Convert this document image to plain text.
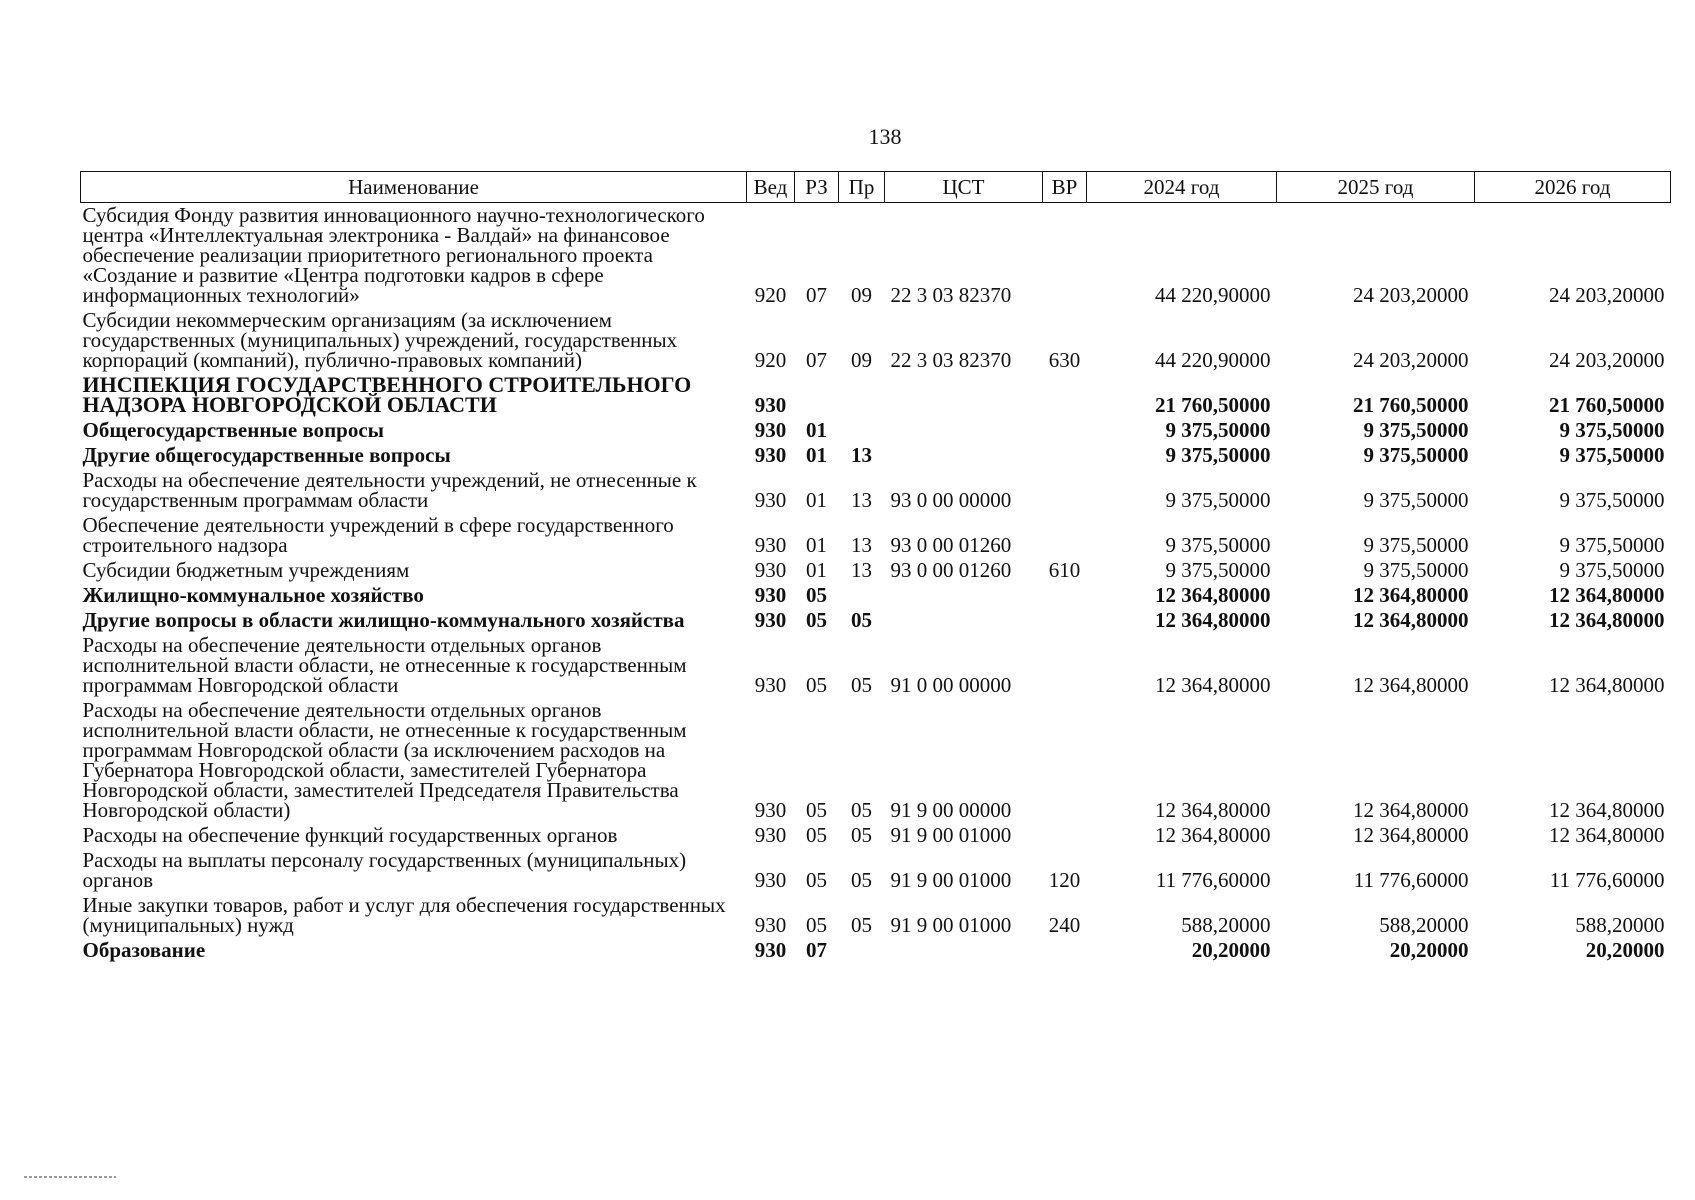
138
Наименование	Вед	РЗ	Пр	ЦСТ	ВР	2024 год	2025 год	2026 год
Субсидия Фонду развития инновационного научно-технологического центра «Интеллектуальная электроника - Валдай» на финансовое обеспечение реализации приоритетного регионального проекта «Создание и развитие «Центра подготовки кадров в сфере информационных технологий»	920	07	09	22 3 03 82370		44 220,90000	24 203,20000	24 203,20000
Субсидии некоммерческим организациям (за исключением государственных (муниципальных) учреждений, государственных корпораций (компаний), публично-правовых компаний)	920	07	09	22 3 03 82370	630	44 220,90000	24 203,20000	24 203,20000
ИНСПЕКЦИЯ ГОСУДАРСТВЕННОГО СТРОИТЕЛЬНОГО НАДЗОРА НОВГОРОДСКОЙ ОБЛАСТИ	930					21 760,50000	21 760,50000	21 760,50000
Общегосударственные вопросы	930	01				9 375,50000	9 375,50000	9 375,50000
Другие общегосударственные вопросы	930	01	13			9 375,50000	9 375,50000	9 375,50000
Расходы на обеспечение деятельности учреждений, не отнесенные к государственным программам области	930	01	13	93 0 00 00000		9 375,50000	9 375,50000	9 375,50000
Обеспечение деятельности учреждений в сфере государственного строительного надзора	930	01	13	93 0 00 01260		9 375,50000	9 375,50000	9 375,50000
Субсидии бюджетным учреждениям	930	01	13	93 0 00 01260	610	9 375,50000	9 375,50000	9 375,50000
Жилищно-коммунальное хозяйство	930	05				12 364,80000	12 364,80000	12 364,80000
Другие вопросы в области жилищно-коммунального хозяйства	930	05	05			12 364,80000	12 364,80000	12 364,80000
Расходы на обеспечение деятельности отдельных органов исполнительной власти области, не отнесенные к государственным программам Новгородской области	930	05	05	91 0 00 00000		12 364,80000	12 364,80000	12 364,80000
Расходы на обеспечение деятельности отдельных органов исполнительной власти области, не отнесенные к государственным программам Новгородской области (за исключением расходов на Губернатора Новгородской области, заместителей Губернатора Новгородской области, заместителей Председателя Правительства Новгородской области)	930	05	05	91 9 00 00000		12 364,80000	12 364,80000	12 364,80000
Расходы на обеспечение функций государственных органов	930	05	05	91 9 00 01000		12 364,80000	12 364,80000	12 364,80000
Расходы на выплаты персоналу государственных (муниципальных) органов	930	05	05	91 9 00 01000	120	11 776,60000	11 776,60000	11 776,60000
Иные закупки товаров, работ и услуг для обеспечения государственных (муниципальных) нужд	930	05	05	91 9 00 01000	240	588,20000	588,20000	588,20000
Образование	930	07				20,20000	20,20000	20,20000
